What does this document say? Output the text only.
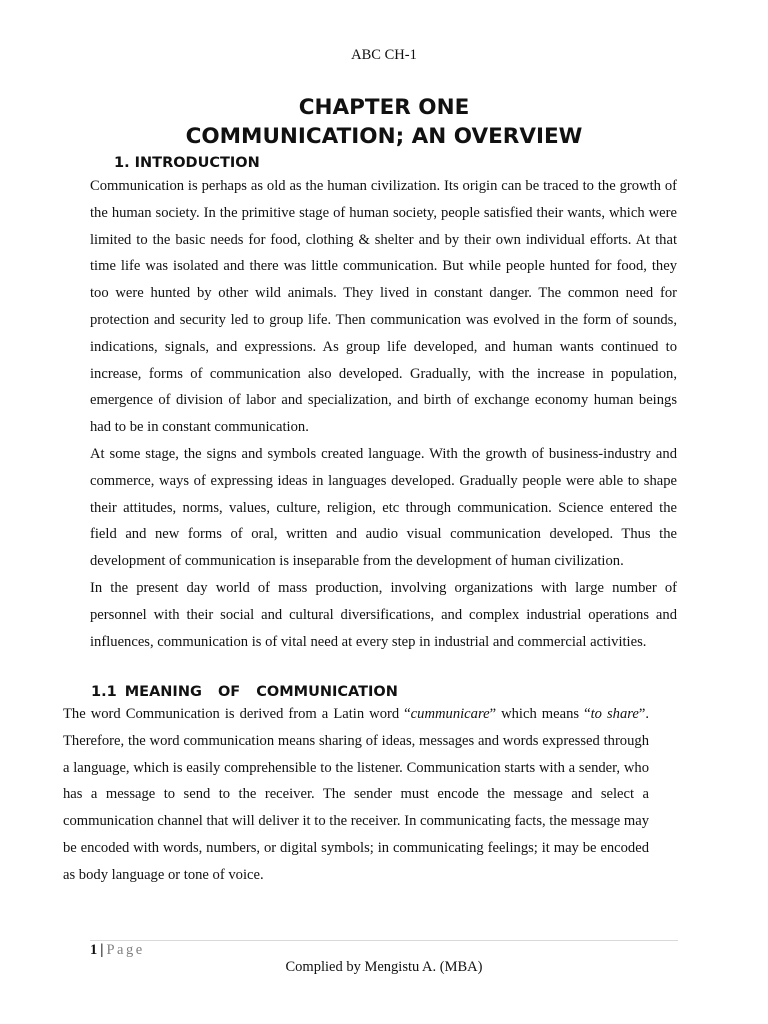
ABC CH-1
CHAPTER ONE
COMMUNICATION; AN OVERVIEW
1. INTRODUCTION

Communication is perhaps as old as the human civilization. Its origin can be traced to the growth of the human society. In the primitive stage of human society, people satisfied their wants, which were limited to the basic needs for food, clothing & shelter and by their own individual efforts. At that time life was isolated and there was little communication. But while people hunted for food, they too were hunted by other wild animals. They lived in constant danger. The common need for protection and security led to group life. Then communication was evolved in the form of sounds, indications, signals, and expressions. As group life developed, and human wants continued to increase, forms of communication also developed. Gradually, with the increase in population, emergence of division of labor and specialization, and birth of exchange economy human beings had to be in constant communication.

At some stage, the signs and symbols created language. With the growth of business-industry and commerce, ways of expressing ideas in languages developed. Gradually people were able to shape their attitudes, norms, values, culture, religion, etc through communication. Science entered the field and new forms of oral, written and audio visual communication developed. Thus the development of communication is inseparable from the development of human civilization.

In the present day world of mass production, involving organizations with large number of personnel with their social and cultural diversifications, and complex industrial operations and influences, communication is of vital need at every step in industrial and commercial activities.

1.1 MEANING  OF  COMMUNICATION

The word Communication is derived from a Latin word “cummunicare” which means “to share”. Therefore, the word communication means sharing of ideas, messages and words expressed through a language, which is easily comprehensible to the listener. Communication starts with a sender, who has a message to send to the receiver. The sender must encode the message and select a communication channel that will deliver it to the receiver. In communicating facts, the message may be encoded with words, numbers, or digital symbols; in communicating feelings; it may be encoded as body language or tone of voice.

1 | Page
Complied by Mengistu A. (MBA)
